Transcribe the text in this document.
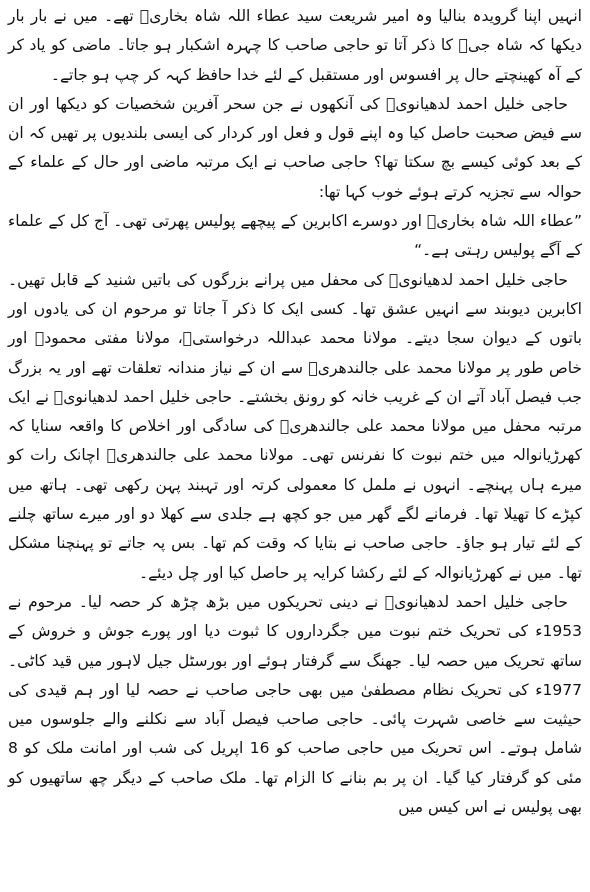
انہیں اپنا گرویدہ بنالیا وہ امیر شریعت سید عطاء اللہ شاہ بخاریؒ تھے۔ میں نے بار بار دیکھا کہ شاہ جیؒ کا ذکر آتا تو حاجی صاحب کا چہرہ اشکبار ہو جاتا۔ ماضی کو یاد کر کے آہ کھینچتے حال پر افسوس اور مستقبل کے لئے خدا حافظ کہہ کر چپ ہو جاتے۔

حاجی خلیل احمد لدھیانویؒ کی آنکھوں نے جن سحر آفرین شخصیات کو دیکھا اور ان سے فیض صحبت حاصل کیا وہ اپنے قول و فعل اور کردار کی ایسی بلندیوں پر تھیں کہ ان کے بعد کوئی کیسے بچ سکتا تھا؟ حاجی صاحب نے ایک مرتبہ ماضی اور حال کے علماء کے حوالہ سے تجزیہ کرتے ہوئے خوب کہا تھا:

”عطاء اللہ شاہ بخاریؒ اور دوسرے اکابرین کے پیچھے پولیس پھرتی تھی۔ آج کل کے علماء کے آگے پولیس رہتی ہے۔“

حاجی خلیل احمد لدھیانویؒ کی محفل میں پرانے بزرگوں کی باتیں شنید کے قابل تھیں۔ اکابرین دیوبند سے انہیں عشق تھا۔ کسی ایک کا ذکر آ جاتا تو مرحوم ان کی یادوں اور باتوں کے دیوان سجا دیتے۔ مولانا محمد عبداللہ درخواستیؒ، مولانا مفتی محمودؒ اور خاص طور پر مولانا محمد علی جالندھریؒ سے ان کے نیاز مندانہ تعلقات تھے اور یہ بزرگ جب فیصل آباد آتے ان کے غریب خانہ کو رونق بخشتے۔ حاجی خلیل احمد لدھیانویؒ نے ایک مرتبہ محفل میں مولانا محمد علی جالندھریؒ کی سادگی اور اخلاص کا واقعہ سنایا کہ کھرڑیانوالہ میں ختم نبوت کا نفرنس تھی۔ مولانا محمد علی جالندھریؒ اچانک رات کو میرے ہاں پہنچے۔ انہوں نے ململ کا معمولی کرتہ اور تہبند پہن رکھی تھی۔ ہاتھ میں کپڑے کا تھیلا تھا۔ فرمانے لگے گھر میں جو کچھ ہے جلدی سے کھلا دو اور میرے ساتھ چلنے کے لئے تیار ہو جاؤ۔ حاجی صاحب نے بتایا کہ وقت کم تھا۔ بس پہ جاتے تو پہنچنا مشکل تھا۔ میں نے کھرڑیانوالہ کے لئے رکشا کرایہ پر حاصل کیا اور چل دیئے۔

حاجی خلیل احمد لدھیانویؒ نے دینی تحریکوں میں بڑھ چڑھ کر حصہ لیا۔ مرحوم نے 1953ء کی تحریک ختم نبوت میں جگرداروں کا ثبوت دیا اور پورے جوش و خروش کے ساتھ تحریک میں حصہ لیا۔ جھنگ سے گرفتار ہوئے اور بورسٹل جیل لاہور میں قید کاٹی۔ 1977ء کی تحریک نظام مصطفیٰ میں بھی حاجی صاحب نے حصہ لیا اور ہم قیدی کی حیثیت سے خاصی شہرت پائی۔ حاجی صاحب فیصل آباد سے نکلنے والے جلوسوں میں شامل ہوتے۔ اس تحریک میں حاجی صاحب کو 16 اپریل کی شب اور امانت ملک کو 8 مئی کو گرفتار کیا گیا۔ ان پر بم بنانے کا الزام تھا۔ ملک صاحب کے دیگر چھ ساتھیوں کو بھی پولیس نے اس کیس میں
